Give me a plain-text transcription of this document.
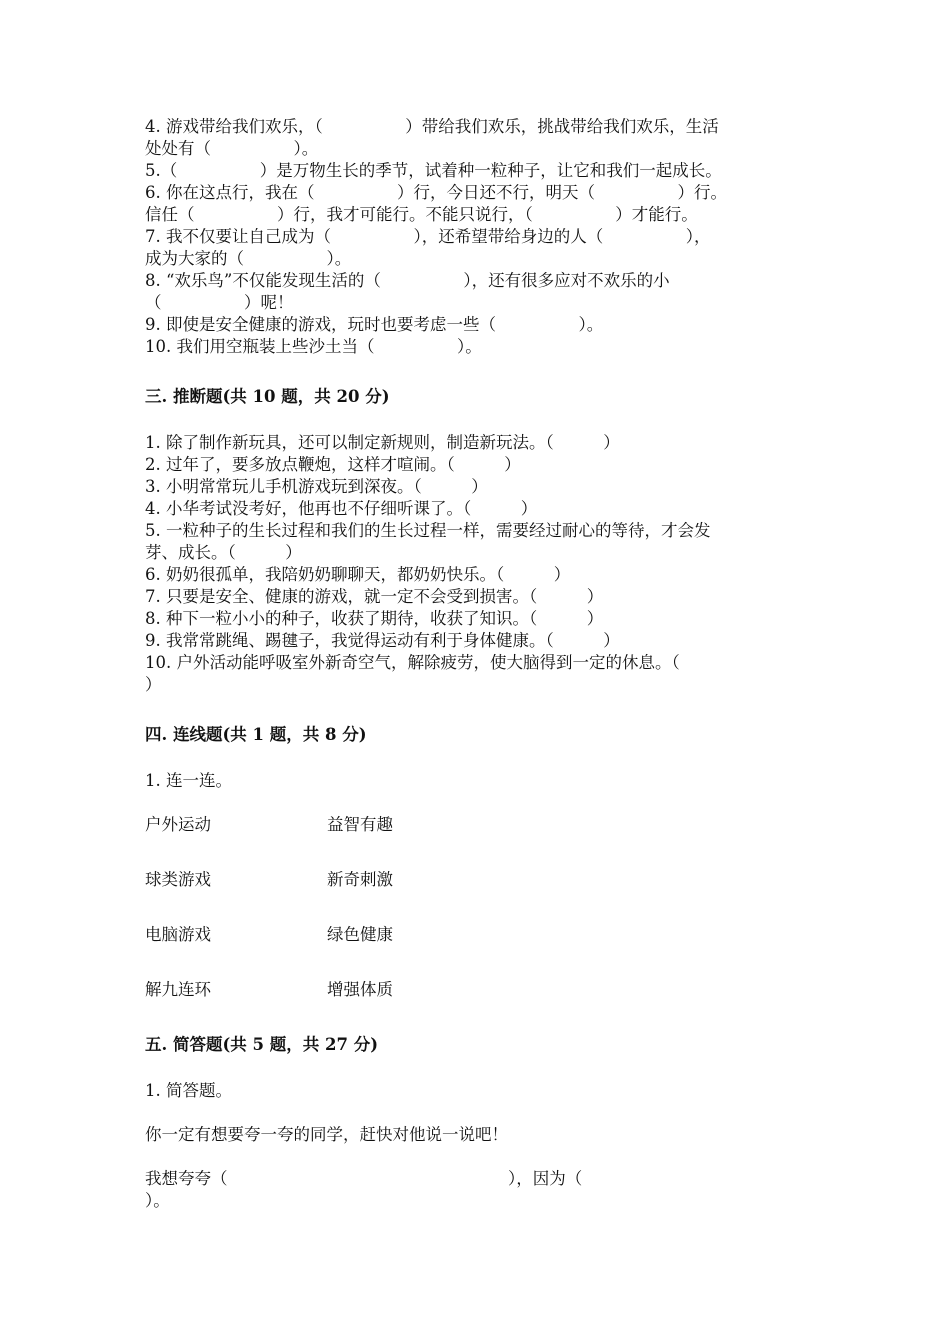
4. 游戏带给我们欢乐，（　　　　　）带给我们欢乐，挑战带给我们欢乐，生活
处处有（　　　　　）。
5.（　　　　　）是万物生长的季节，试着种一粒种子，让它和我们一起成长。
6. 你在这点行，我在（　　　　　）行，今日还不行，明天（　　　　　）行。
信任（　　　　　）行，我才可能行。不能只说行，（　　　　　）才能行。
7. 我不仅要让自己成为（　　　　　），还希望带给身边的人（　　　　　），
成为大家的（　　　　　）。
8. “欢乐鸟”不仅能发现生活的（　　　　　），还有很多应对不欢乐的小
（　　　　　）呢！
9. 即使是安全健康的游戏，玩时也要考虑一些（　　　　　）。
10. 我们用空瓶装上些沙土当（　　　　　）。
三. 推断题(共 10 题，共 20 分)
1. 除了制作新玩具，还可以制定新规则，制造新玩法。（　　　）
2. 过年了，要多放点鞭炮，这样才喧闹。（　　　）
3. 小明常常玩儿手机游戏玩到深夜。（　　　）
4. 小华考试没考好，他再也不仔细听课了。（　　　）
5. 一粒种子的生长过程和我们的生长过程一样，需要经过耐心的等待，才会发
芽、成长。（　　　）
6. 奶奶很孤单，我陪奶奶聊聊天，都奶奶快乐。（　　　）
7. 只要是安全、健康的游戏，就一定不会受到损害。（　　　）
8. 种下一粒小小的种子，收获了期待，收获了知识。（　　　）
9. 我常常跳绳、踢毽子，我觉得运动有利于身体健康。（　　　）
10. 户外活动能呼吸室外新奇空气，解除疲劳，使大脑得到一定的休息。（
）
四. 连线题(共 1 题，共 8 分)
1. 连一连。
户外运动	益智有趣
球类游戏	新奇刺激
电脑游戏	绿色健康
解九连环	增强体质
五. 简答题(共 5 题，共 27 分)
1. 简答题。
你一定有想要夸一夸的同学，赶快对他说一说吧！
我想夸夸（　　　　　　　　　　　　　　　　　），因为（
）。
